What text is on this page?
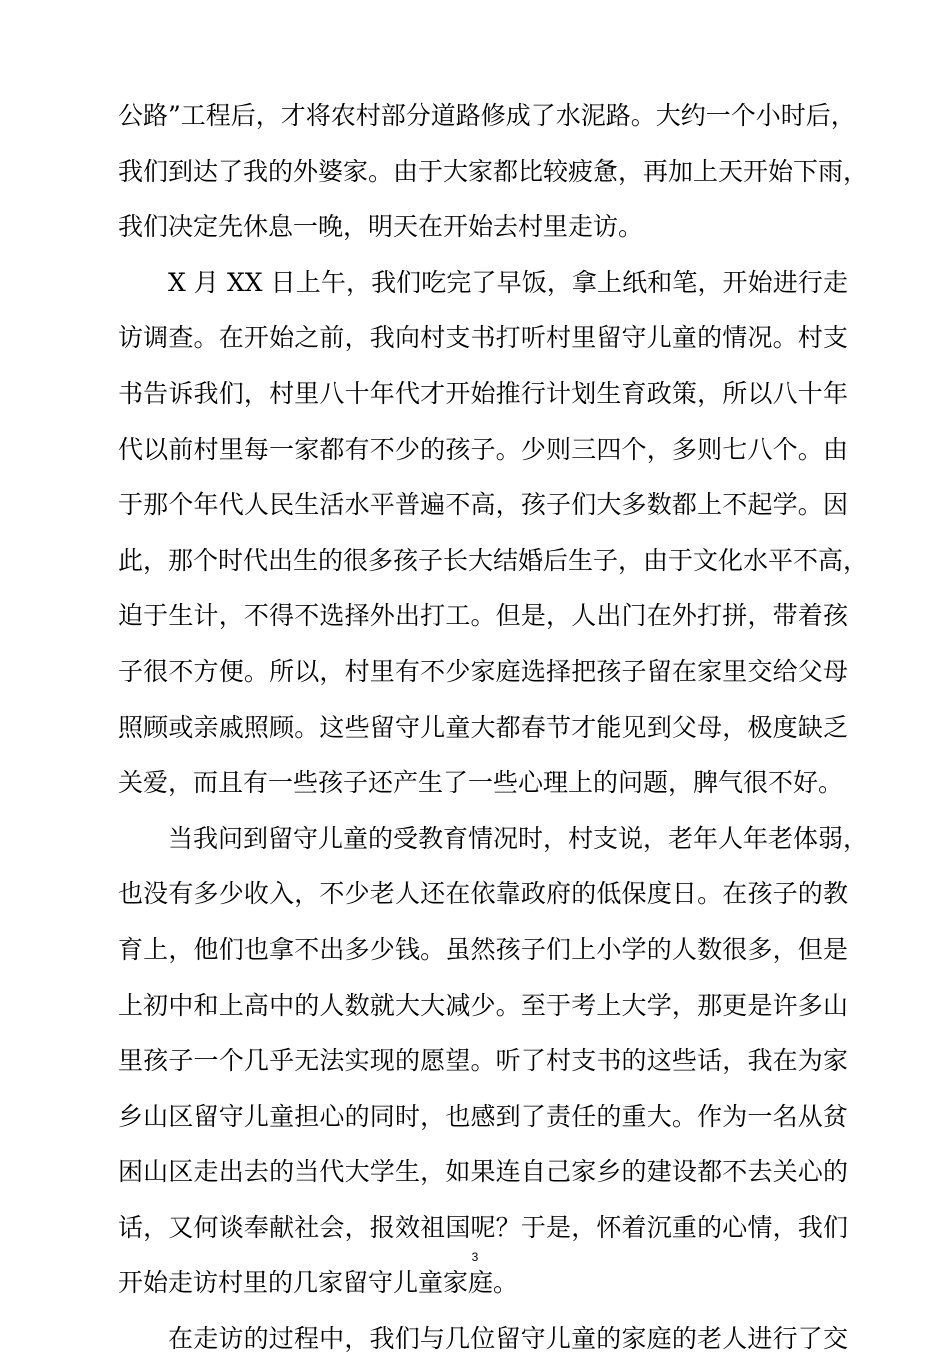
公路”工程后，才将农村部分道路修成了水泥路。大约一个小时后，
我们到达了我的外婆家。由于大家都比较疲惫，再加上天开始下雨，
我们决定先休息一晚，明天在开始去村里走访。
X 月 XX 日上午，我们吃完了早饭，拿上纸和笔，开始进行走
访调查。在开始之前，我向村支书打听村里留守儿童的情况。村支
书告诉我们，村里八十年代才开始推行计划生育政策，所以八十年
代以前村里每一家都有不少的孩子。少则三四个，多则七八个。由
于那个年代人民生活水平普遍不高，孩子们大多数都上不起学。因
此，那个时代出生的很多孩子长大结婚后生子，由于文化水平不高，
迫于生计，不得不选择外出打工。但是，人出门在外打拼，带着孩
子很不方便。所以，村里有不少家庭选择把孩子留在家里交给父母
照顾或亲戚照顾。这些留守儿童大都春节才能见到父母，极度缺乏
关爱，而且有一些孩子还产生了一些心理上的问题，脾气很不好。
当我问到留守儿童的受教育情况时，村支说，老年人年老体弱，
也没有多少收入，不少老人还在依靠政府的低保度日。在孩子的教
育上，他们也拿不出多少钱。虽然孩子们上小学的人数很多，但是
上初中和上高中的人数就大大减少。至于考上大学，那更是许多山
里孩子一个几乎无法实现的愿望。听了村支书的这些话，我在为家
乡山区留守儿童担心的同时，也感到了责任的重大。作为一名从贫
困山区走出去的当代大学生，如果连自己家乡的建设都不去关心的
话，又何谈奉献社会，报效祖国呢？于是，怀着沉重的心情，我们
开始走访村里的几家留守儿童家庭。
在走访的过程中，我们与几位留守儿童的家庭的老人进行了交
3
